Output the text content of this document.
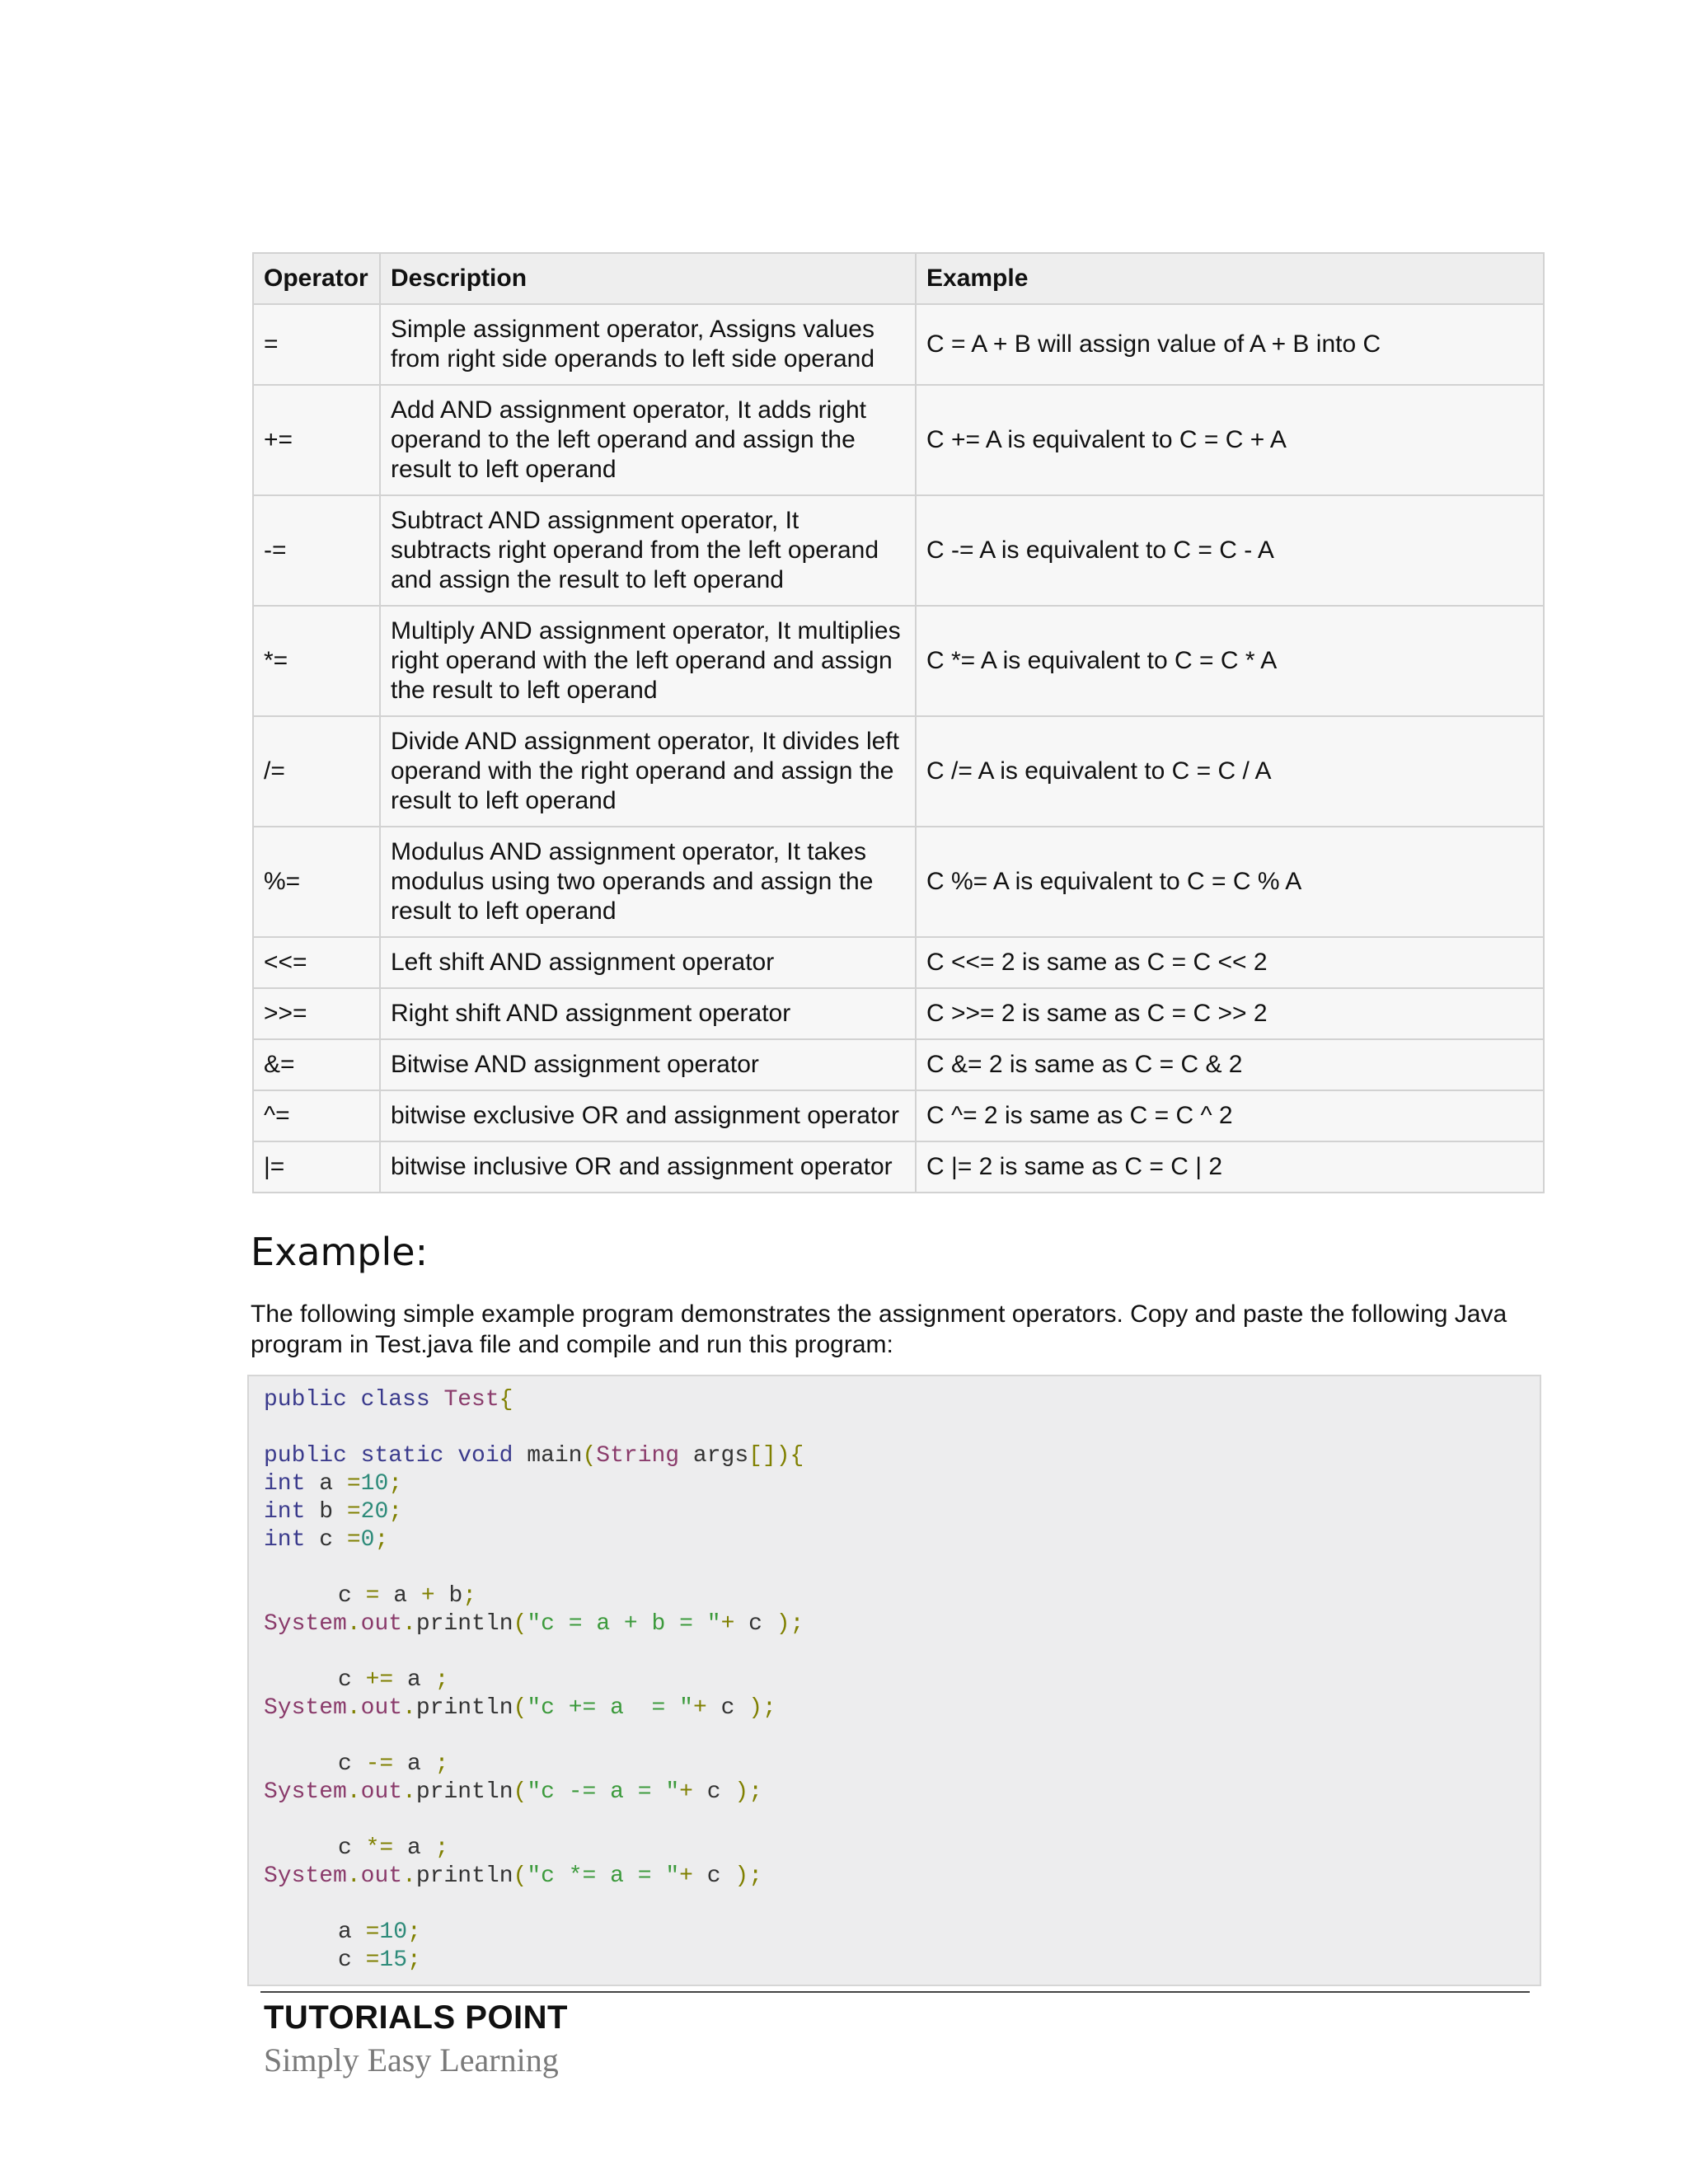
Operator	Description	Example
=	Simple assignment operator, Assigns values from right side operands to left side operand	C = A + B will assign value of A + B into C
+=	Add AND assignment operator, It adds right operand to the left operand and assign the result to left operand	C += A is equivalent to C = C + A
-=	Subtract AND assignment operator, It subtracts right operand from the left operand and assign the result to left operand	C -= A is equivalent to C = C - A
*=	Multiply AND assignment operator, It multiplies right operand with the left operand and assign the result to left operand	C *= A is equivalent to C = C * A
/=	Divide AND assignment operator, It divides left operand with the right operand and assign the result to left operand	C /= A is equivalent to C = C / A
%=	Modulus AND assignment operator, It takes modulus using two operands and assign the result to left operand	C %= A is equivalent to C = C % A
<<=	Left shift AND assignment operator	C <<= 2 is same as C = C << 2
>>=	Right shift AND assignment operator	C >>= 2 is same as C = C >> 2
&=	Bitwise AND assignment operator	C &= 2 is same as C = C & 2
^=	bitwise exclusive OR and assignment operator	C ^= 2 is same as C = C ^ 2
|=	bitwise inclusive OR and assignment operator	C |= 2 is same as C = C | 2
Example:

The following simple example program demonstrates the assignment operators. Copy and paste the following Java program in Test.java file and compile and run this program:

public class Test{
public static void main(String args[]){
int a =10;
int b =20;
int c =0;
c = a + b;
System.out.println("c = a + b = "+ c );
c += a ;
System.out.println("c += a  = "+ c );
c -= a ;
System.out.println("c -= a = "+ c );
c *= a ;
System.out.println("c *= a = "+ c );
a =10;
c =15;
TUTORIALS POINT
Simply Easy Learning
